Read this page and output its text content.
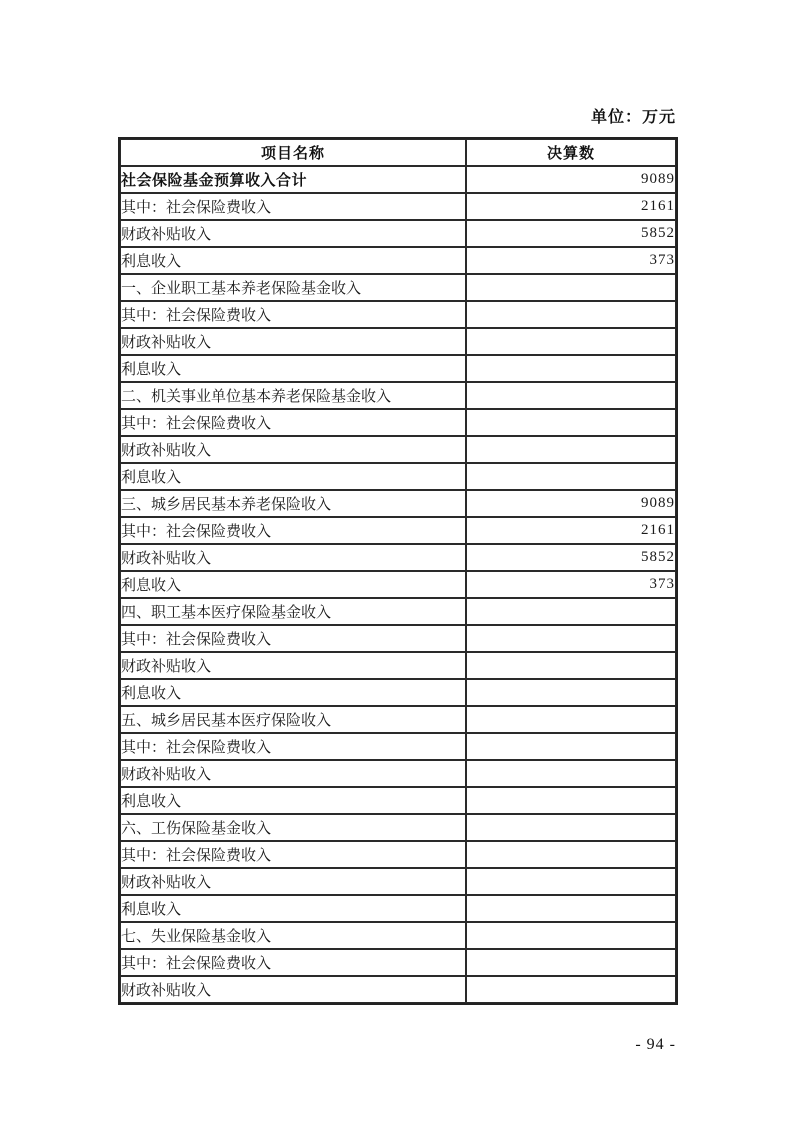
单位：万元
项目名称	决算数
社会保险基金预算收入合计	9089
其中：社会保险费收入	2161
财政补贴收入	5852
利息收入	373
一、企业职工基本养老保险基金收入	
其中：社会保险费收入	
财政补贴收入	
利息收入	
二、机关事业单位基本养老保险基金收入	
其中：社会保险费收入	
财政补贴收入	
利息收入	
三、城乡居民基本养老保险收入	9089
其中：社会保险费收入	2161
财政补贴收入	5852
利息收入	373
四、职工基本医疗保险基金收入	
其中：社会保险费收入	
财政补贴收入	
利息收入	
五、城乡居民基本医疗保险收入	
其中：社会保险费收入	
财政补贴收入	
利息收入	
六、工伤保险基金收入	
其中：社会保险费收入	
财政补贴收入	
利息收入	
七、失业保险基金收入	
其中：社会保险费收入	
财政补贴收入	
- 94 -
